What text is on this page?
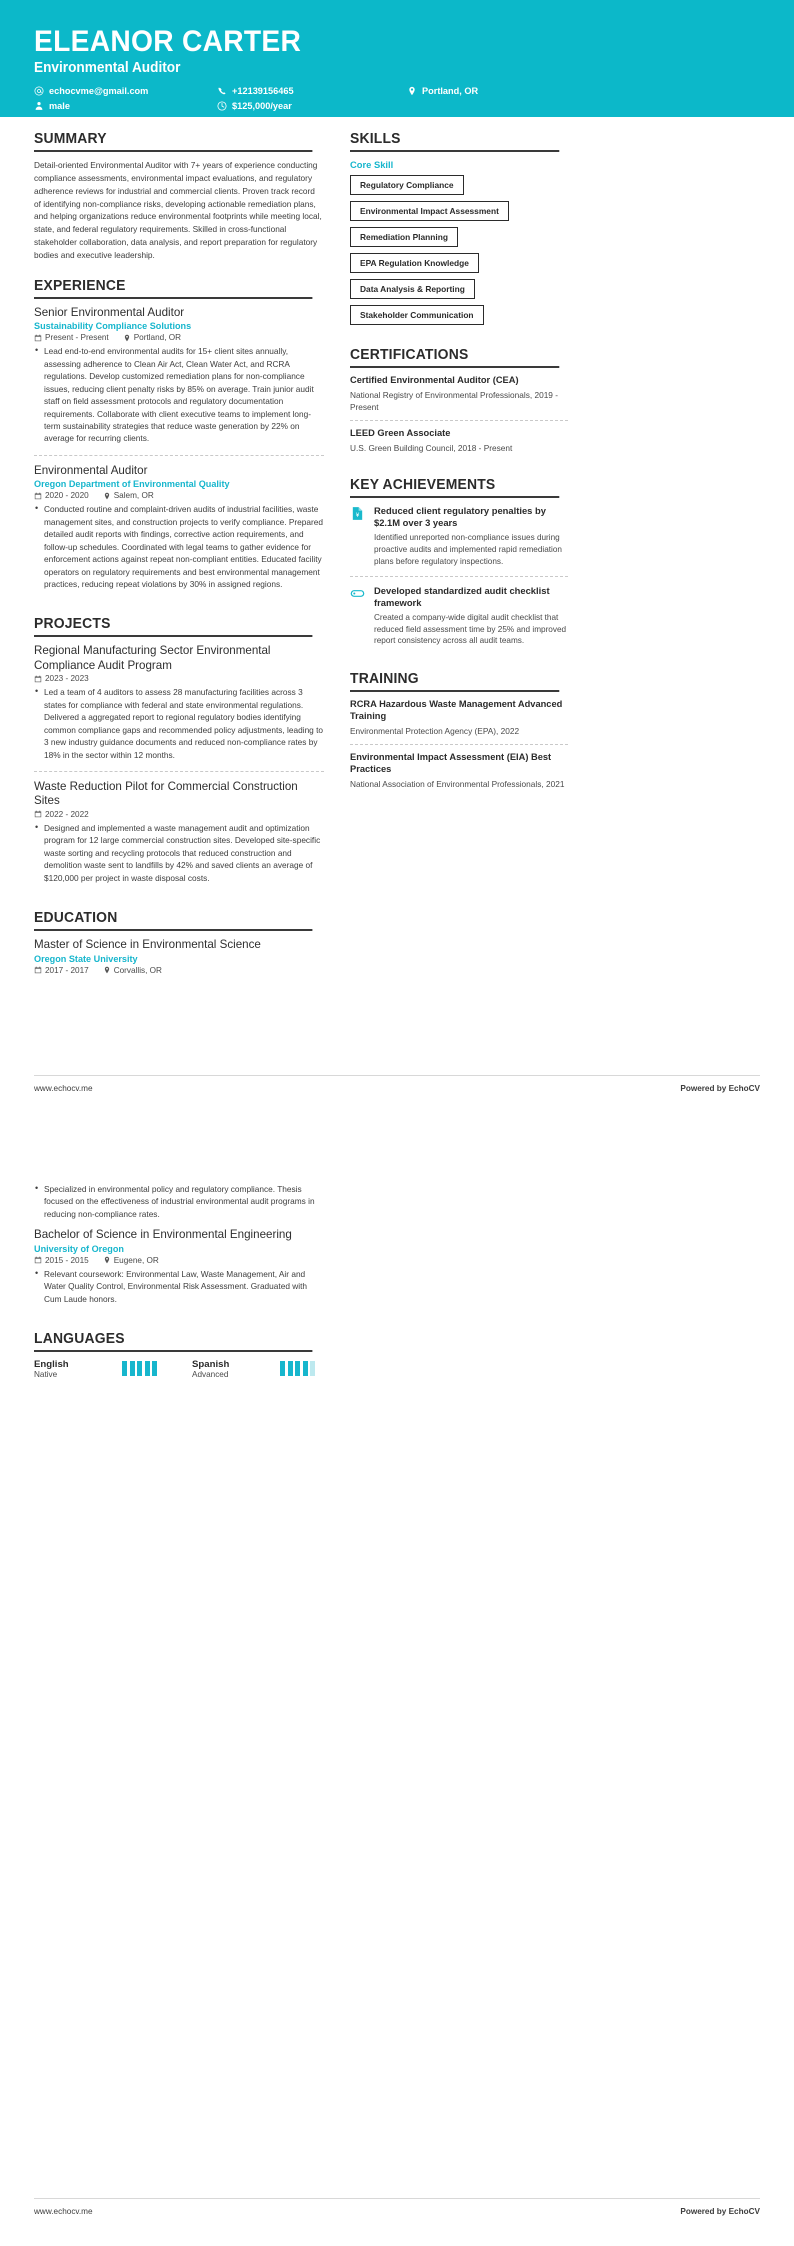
ELEANOR CARTER
Environmental Auditor
echocvme@gmail.com	+12139156465	Portland, OR
male	$125,000/year
SUMMARY

Detail-oriented Environmental Auditor with 7+ years of experience conducting compliance assessments, environmental impact evaluations, and regulatory adherence reviews for industrial and commercial clients. Proven track record of identifying non-compliance risks, developing actionable remediation plans, and helping organizations reduce environmental footprints while meeting local, state, and federal regulatory requirements. Skilled in cross-functional stakeholder collaboration, data analysis, and report preparation for regulatory bodies and executive leadership.

EXPERIENCE
Senior Environmental Auditor
Sustainability Compliance Solutions
Present - Present	Portland, OR
• Lead end-to-end environmental audits for 15+ client sites annually, assessing adherence to Clean Air Act, Clean Water Act, and RCRA regulations. Develop customized remediation plans for non-compliance issues, reducing client penalty risks by 85% on average. Train junior audit staff on field assessment protocols and regulatory documentation requirements. Collaborate with client executive teams to implement long-term sustainability strategies that reduce waste generation by 22% on average for recurring clients.
Environmental Auditor
Oregon Department of Environmental Quality
2020 - 2020	Salem, OR
• Conducted routine and complaint-driven audits of industrial facilities, waste management sites, and construction projects to verify compliance. Prepared detailed audit reports with findings, corrective action requirements, and follow-up schedules. Coordinated with legal teams to gather evidence for enforcement actions against repeat non-compliant entities. Educated facility operators on regulatory requirements and best environmental management practices, reducing repeat violations by 30% in assigned regions.
PROJECTS
Regional Manufacturing Sector Environmental Compliance Audit Program
2023 - 2023
• Led a team of 4 auditors to assess 28 manufacturing facilities across 3 states for compliance with federal and state environmental regulations. Delivered a aggregated report to regional regulatory bodies identifying common compliance gaps and recommended policy adjustments, leading to 3 new industry guidance documents and reduced non-compliance rates by 18% in the sector within 12 months.
Waste Reduction Pilot for Commercial Construction Sites
2022 - 2022
• Designed and implemented a waste management audit and optimization program for 12 large commercial construction sites. Developed site-specific waste sorting and recycling protocols that reduced construction and demolition waste sent to landfills by 42% and saved clients an average of $120,000 per project in waste disposal costs.
EDUCATION
Master of Science in Environmental Science
Oregon State University
2017 - 2017	Corvallis, OR
SKILLS
Core Skill
Regulatory Compliance
Environmental Impact Assessment
Remediation Planning
EPA Regulation Knowledge
Data Analysis & Reporting
Stakeholder Communication
CERTIFICATIONS
Certified Environmental Auditor (CEA)
National Registry of Environmental Professionals, 2019 - Present
LEED Green Associate
U.S. Green Building Council, 2018 - Present
KEY ACHIEVEMENTS
¥ Reduced client regulatory penalties by $2.1M over 3 years
Identified unreported non-compliance issues during proactive audits and implemented rapid remediation plans before regulatory inspections.
Developed standardized audit checklist framework
Created a company-wide digital audit checklist that reduced field assessment time by 25% and improved report consistency across all audit teams.
TRAINING
RCRA Hazardous Waste Management Advanced Training
Environmental Protection Agency (EPA), 2022
Environmental Impact Assessment (EIA) Best Practices
National Association of Environmental Professionals, 2021
www.echocv.me	Powered by EchoCV
• Specialized in environmental policy and regulatory compliance. Thesis focused on the effectiveness of industrial environmental audit programs in reducing non-compliance rates.
Bachelor of Science in Environmental Engineering
University of Oregon
2015 - 2015	Eugene, OR
• Relevant coursework: Environmental Law, Waste Management, Air and Water Quality Control, Environmental Risk Assessment. Graduated with Cum Laude honors.
LANGUAGES
English
Native
Spanish
Advanced
www.echocv.me	Powered by EchoCV
